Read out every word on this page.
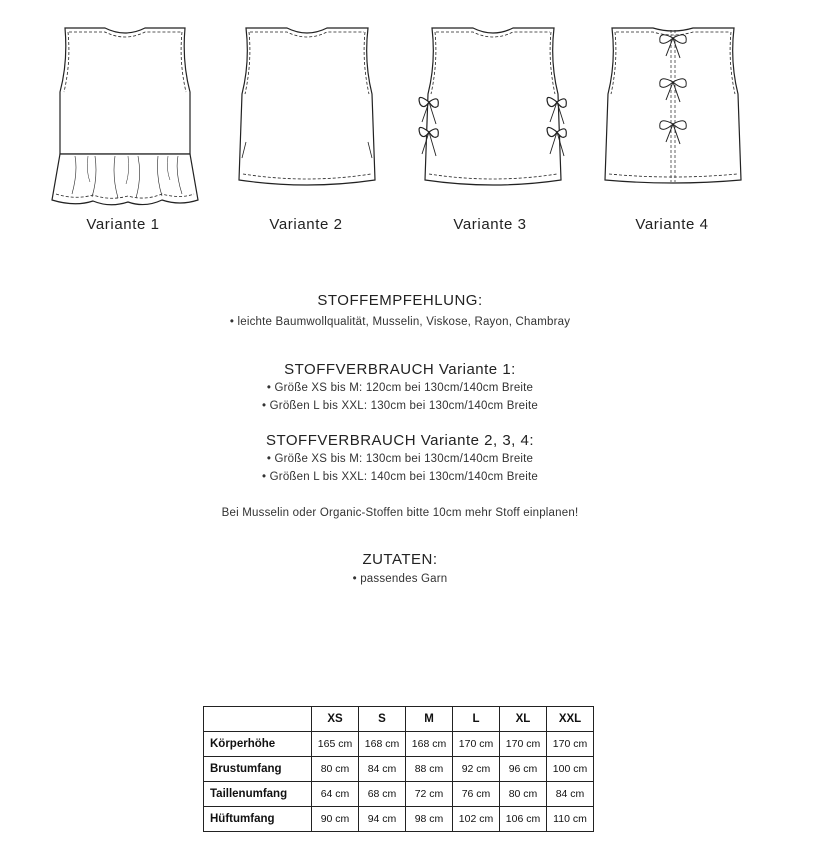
Variante 1	Variante 2	Variante 3	Variante 4

STOFFEMPFEHLUNG:

• leichte Baumwollqualität, Musselin, Viskose, Rayon, Chambray

STOFFVERBRAUCH Variante 1:

• Größe XS bis M: 120cm bei 130cm/140cm Breite

• Größen L bis XXL: 130cm bei 130cm/140cm Breite

STOFFVERBRAUCH Variante 2, 3, 4:

• Größe XS bis M: 130cm bei 130cm/140cm Breite

• Größen L bis XXL: 140cm bei 130cm/140cm Breite

Bei Musselin oder Organic-Stoffen bitte 10cm mehr Stoff einplanen!

ZUTATEN:

• passendes Garn

	XS	S	M	L	XL	XXL
Körperhöhe	165 cm	168 cm	168 cm	170 cm	170 cm	170 cm
Brustumfang	80 cm	84 cm	88 cm	92 cm	96 cm	100 cm
Taillenumfang	64 cm	68 cm	72 cm	76 cm	80 cm	84 cm
Hüftumfang	90 cm	94 cm	98 cm	102 cm	106 cm	110 cm
